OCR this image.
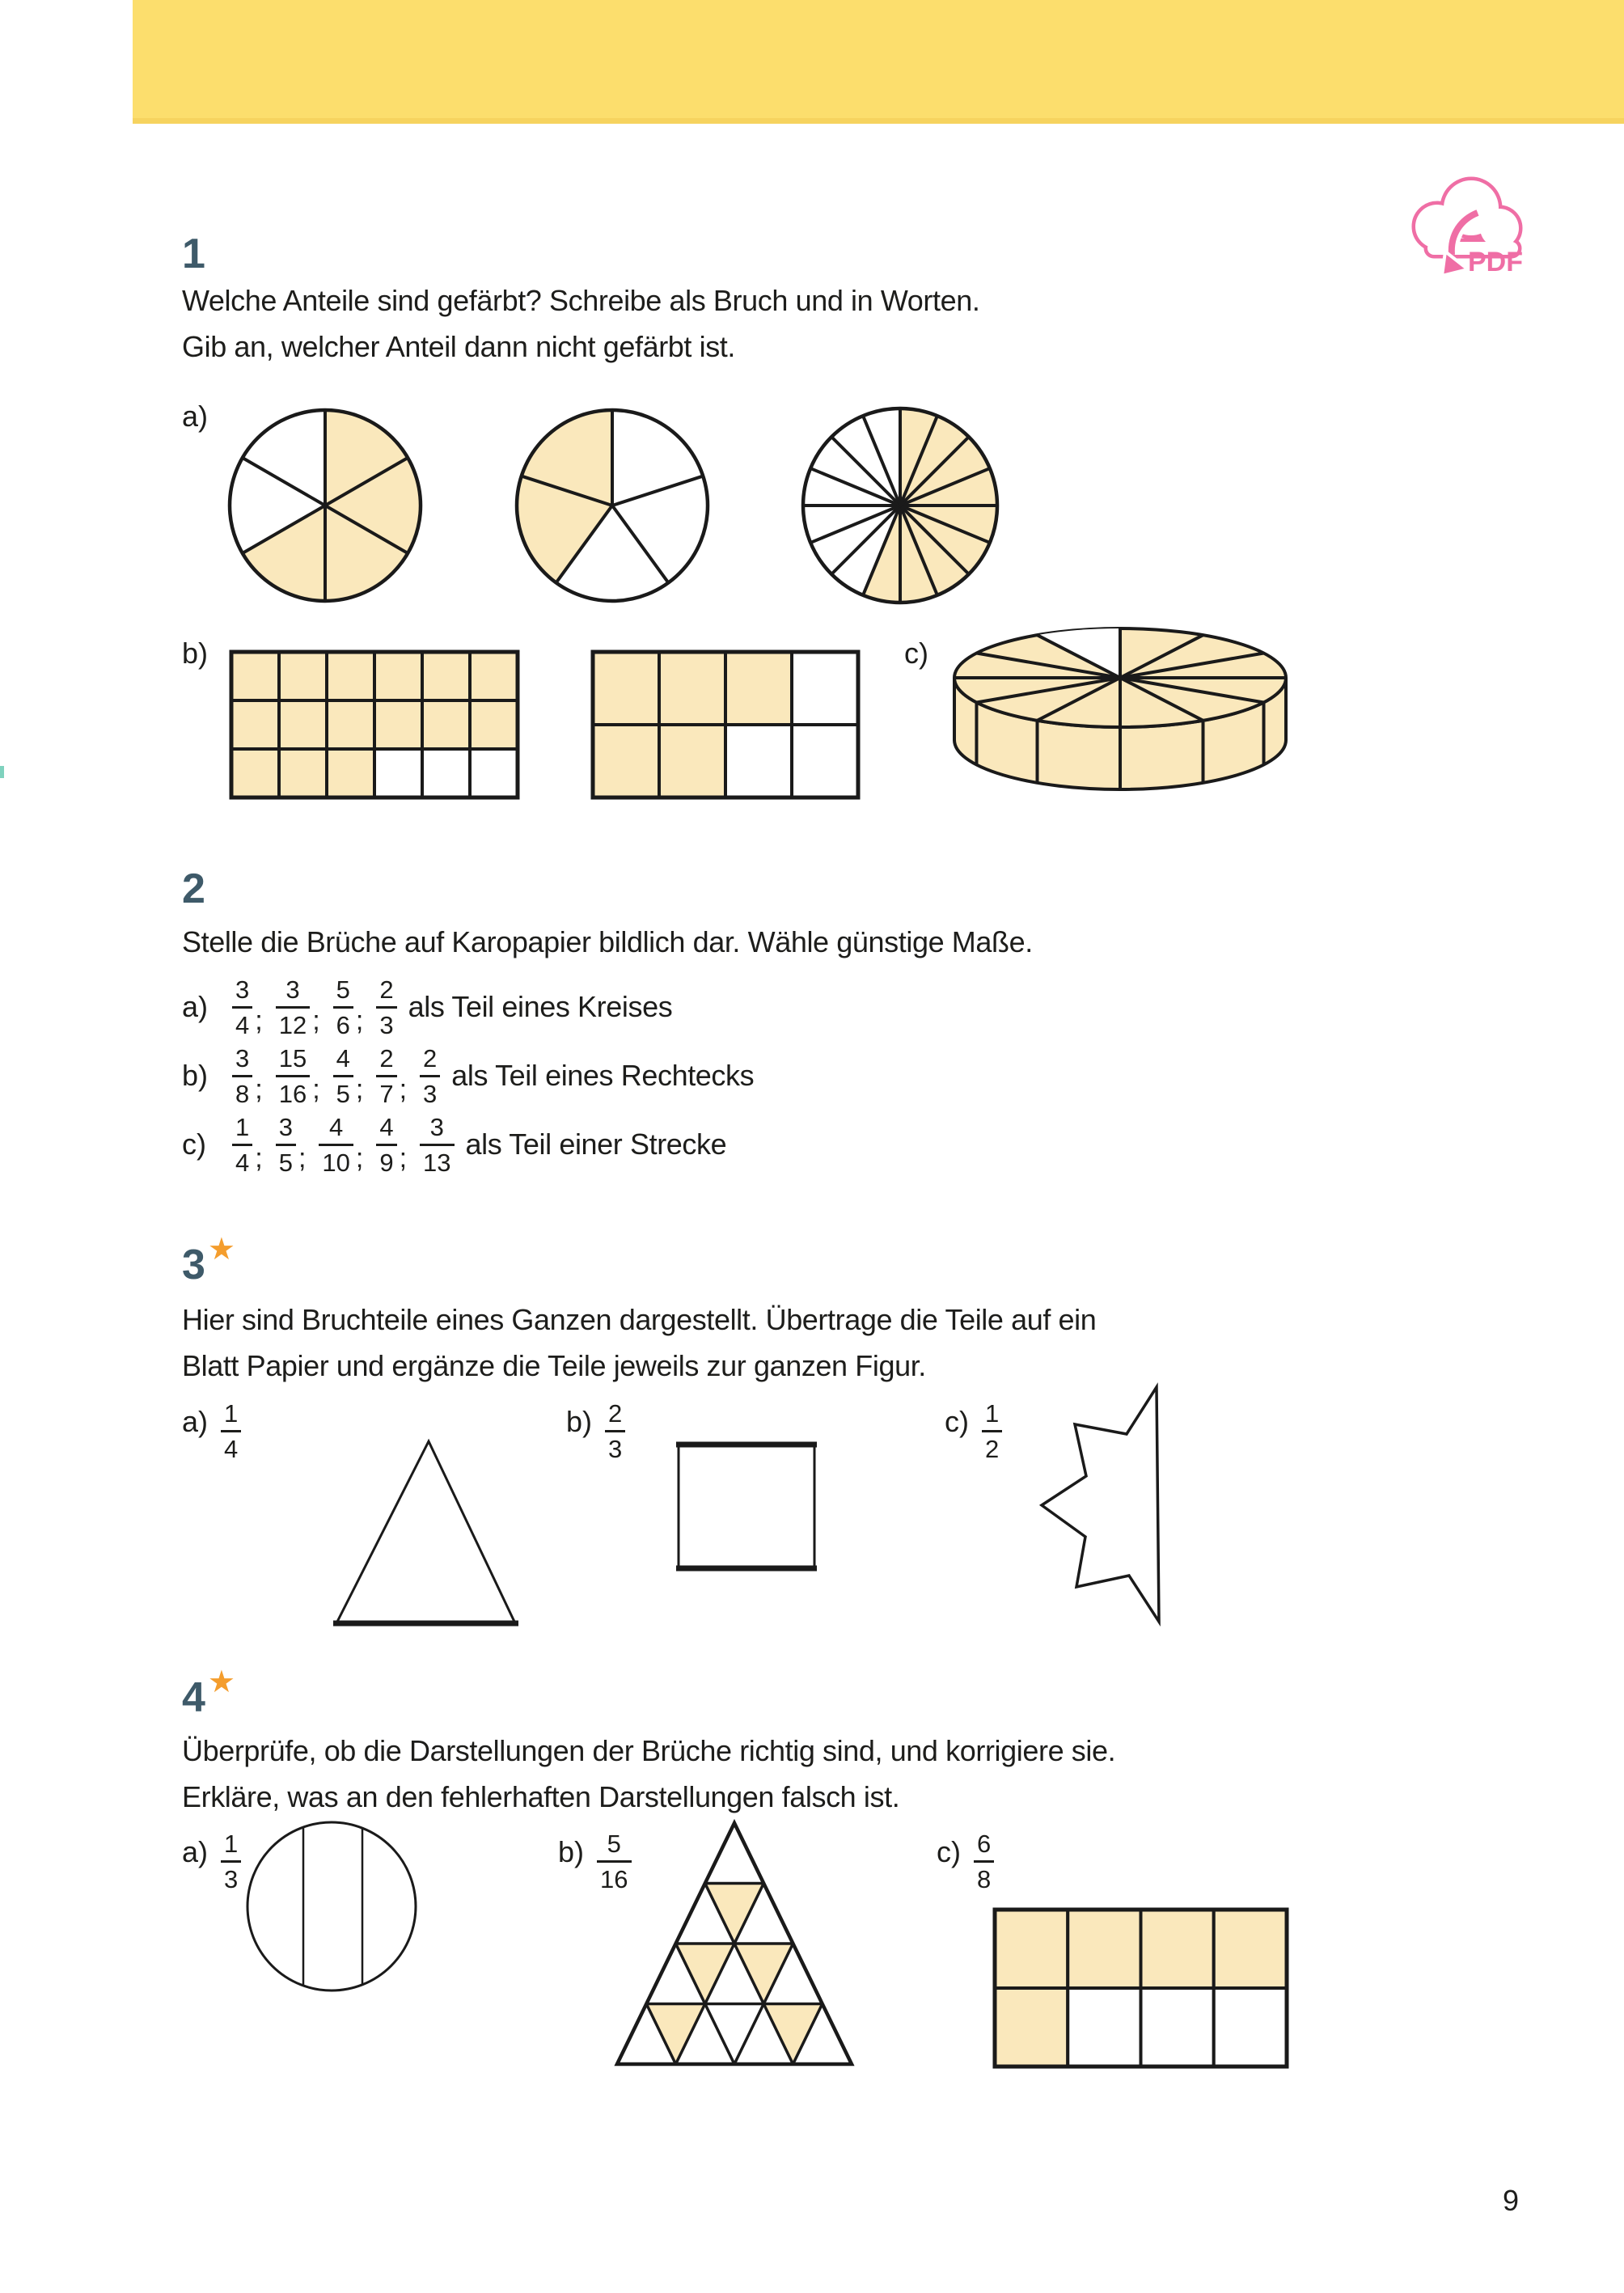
PDF
1
Welche Anteile sind gefärbt? Schreibe als Bruch und in Worten.
Gib an, welcher Anteil dann nicht gefärbt ist.
a)
b)	c)
2
Stelle die Brüche auf Karopapier bildlich dar. Wähle günstige Maße.
$a) \frac{3}{4}$ ; $\frac{3}{12}$ ; $\frac{5}{6}$ ; $\frac{2}{3}$ als Teil eines Kreises
$b) \frac{3}{8}$ ; $\frac{15}{16}$ ; $\frac{4}{5}$ ; $\frac{2}{7}$ ; $\frac{2}{3}$ als Teil eines Rechtecks
c)	$\frac{1}{4}$ ; $\frac{3}{5}$ ; $\frac{4}{10}$ ; $\frac{4}{9}$ ; $\frac{3}{13}$ als Teil einer Strecke
3 ★
Hier sind Bruchteile eines Ganzen dargestellt. Übertrage die Teile auf ein
Blatt Papier und ergänze die Teile jeweils zur ganzen Figur.
$a) \frac{1}{4}$	$b) \frac{2}{3}$	$c) \frac{1}{2}$
4 ★
Überprüfe, ob die Darstellungen der Brüche richtig sind, und korrigiere sie.
Erkläre, was an den fehlerhaften Darstellungen falsch ist.
$a) \frac{1}{3}$	$b) \frac{5}{16}$	$c) \frac{6}{8}$
9
